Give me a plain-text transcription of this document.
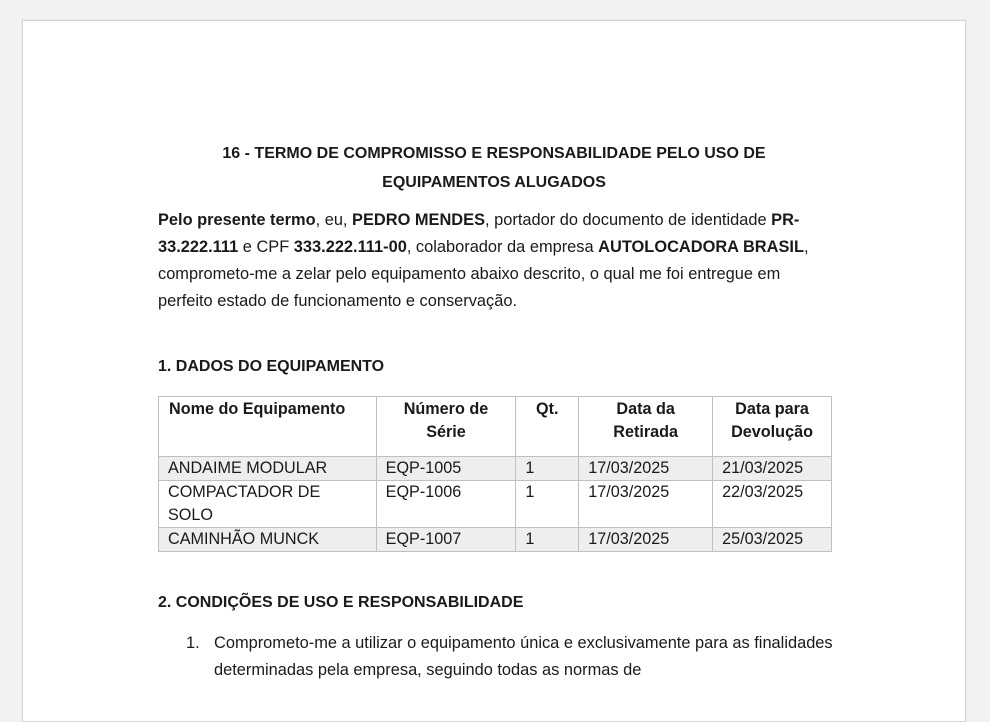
16 - TERMO DE COMPROMISSO E RESPONSABILIDADE PELO USO DE EQUIPAMENTOS ALUGADOS
Pelo presente termo, eu, PEDRO MENDES, portador do documento de identidade PR-33.222.111 e CPF 333.222.111-00, colaborador da empresa AUTOLOCADORA BRASIL, comprometo-me a zelar pelo equipamento abaixo descrito, o qual me foi entregue em perfeito estado de funcionamento e conservação.
1. DADOS DO EQUIPAMENTO
Nome do Equipamento	Número de Série	Qt.	Data da Retirada	Data para Devolução
ANDAIME MODULAR	EQP-1005	1	17/03/2025	21/03/2025
COMPACTADOR DE SOLO	EQP-1006	1	17/03/2025	22/03/2025
CAMINHÃO MUNCK	EQP-1007	1	17/03/2025	25/03/2025
2. CONDIÇÕES DE USO E RESPONSABILIDADE
1. Comprometo-me a utilizar o equipamento única e exclusivamente para as finalidades determinadas pela empresa, seguindo todas as normas de
